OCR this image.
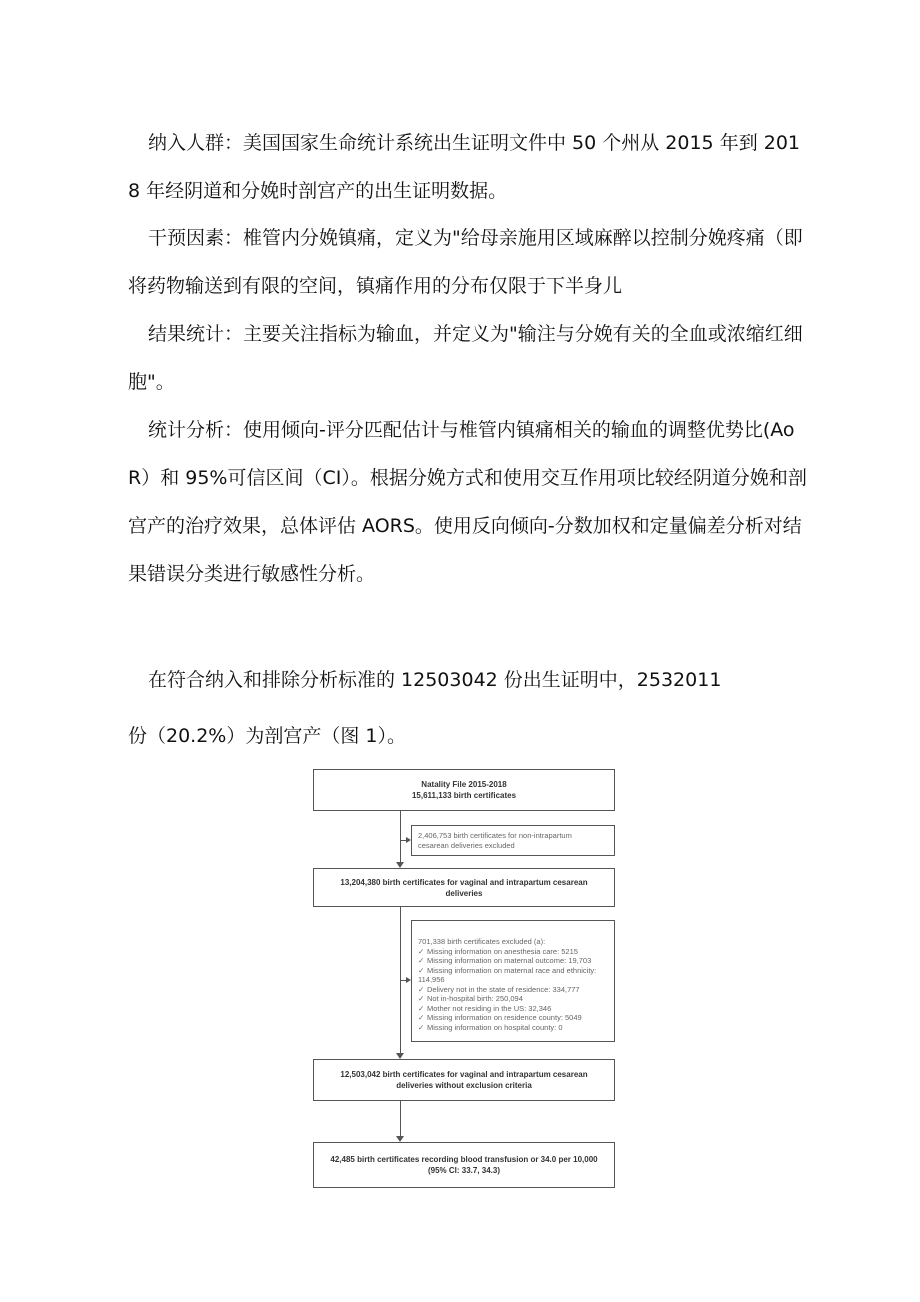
纳入人群：美国国家生命统计系统出生证明文件中 50 个州从 2015 年到 2018 年经阴道和分娩时剖宫产的出生证明数据。

干预因素：椎管内分娩镇痛，定义为"给母亲施用区域麻醉以控制分娩疼痛（即将药物输送到有限的空间，镇痛作用的分布仅限于下半身儿

结果统计：主要关注指标为输血，并定义为"输注与分娩有关的全血或浓缩红细胞"。

统计分析：使用倾向-评分匹配估计与椎管内镇痛相关的输血的调整优势比(AoR）和 95%可信区间（CI）。根据分娩方式和使用交互作用项比较经阴道分娩和剖宫产的治疗效果，总体评估 AORS。使用反向倾向-分数加权和定量偏差分析对结果错误分类进行敏感性分析。

在符合纳入和排除分析标准的 12503042 份出生证明中，2532011

份（20.2%）为剖宫产（图 1）。

Natality File 2015-2018
15,611,133 birth certificates
2,406,753 birth certificates for non-intrapartum
cesarean deliveries excluded
13,204,380 birth certificates for vaginal and intrapartum cesarean
deliveries
701,338 birth certificates excluded (a):
✓ Missing information on anesthesia care: 5215
✓ Missing information on maternal outcome: 19,703
✓ Missing information on maternal race and ethnicity: 114,956
✓ Delivery not in the state of residence: 334,777
✓ Not in-hospital birth: 250,094
✓ Mother not residing in the US: 32,346
✓ Missing information on residence county: 5049
✓ Missing information on hospital county: 0
12,503,042 birth certificates for vaginal and intrapartum cesarean
deliveries without exclusion criteria
42,485 birth certificates recording blood transfusion or 34.0 per 10,000
(95% CI: 33.7, 34.3)
